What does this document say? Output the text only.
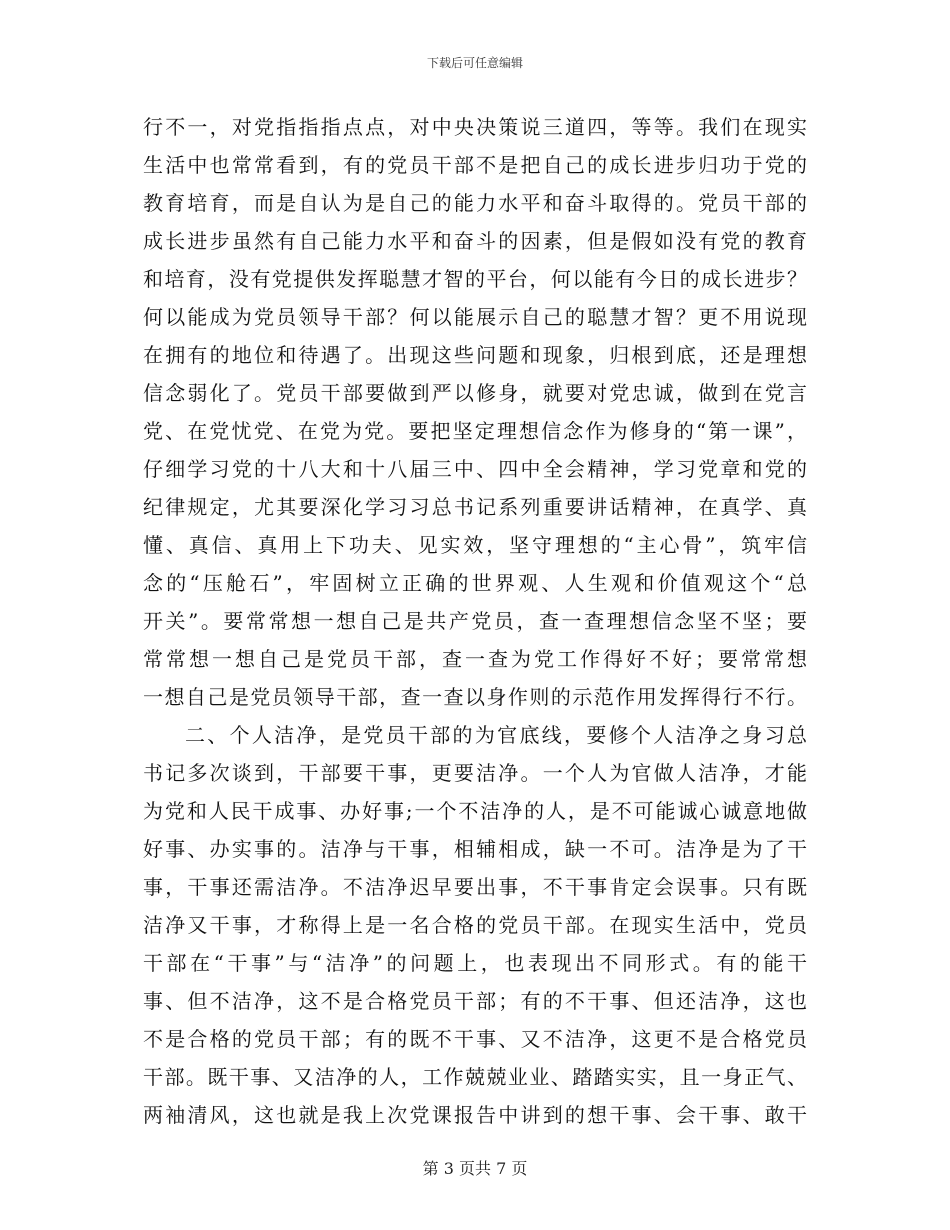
下载后可任意编辑
行不一，对党指指指点点，对中央决策说三道四，等等。我们在现实
生活中也常常看到，有的党员干部不是把自己的成长进步归功于党的
教育培育，而是自认为是自己的能力水平和奋斗取得的。党员干部的
成长进步虽然有自己能力水平和奋斗的因素，但是假如没有党的教育
和培育，没有党提供发挥聪慧才智的平台，何以能有今日的成长进步？
何以能成为党员领导干部？何以能展示自己的聪慧才智？更不用说现
在拥有的地位和待遇了。出现这些问题和现象，归根到底，还是理想
信念弱化了。党员干部要做到严以修身，就要对党忠诚，做到在党言
党、在党忧党、在党为党。要把坚定理想信念作为修身的“第一课”，
仔细学习党的十八大和十八届三中、四中全会精神，学习党章和党的
纪律规定，尤其要深化学习习总书记系列重要讲话精神，在真学、真
懂、真信、真用上下功夫、见实效，坚守理想的“主心骨”，筑牢信
念的“压舱石”，牢固树立正确的世界观、人生观和价值观这个“总
开关”。要常常想一想自己是共产党员，查一查理想信念坚不坚；要
常常想一想自己是党员干部，查一查为党工作得好不好；要常常想
一想自己是党员领导干部，查一查以身作则的示范作用发挥得行不行。
二、个人洁净，是党员干部的为官底线，要修个人洁净之身习总
书记多次谈到，干部要干事，更要洁净。一个人为官做人洁净，才能
为党和人民干成事、办好事;一个不洁净的人，是不可能诚心诚意地做
好事、办实事的。洁净与干事，相辅相成，缺一不可。洁净是为了干
事，干事还需洁净。不洁净迟早要出事，不干事肯定会误事。只有既
洁净又干事，才称得上是一名合格的党员干部。在现实生活中，党员
干部在“干事”与“洁净”的问题上，也表现出不同形式。有的能干
事、但不洁净，这不是合格党员干部；有的不干事、但还洁净，这也
不是合格的党员干部；有的既不干事、又不洁净，这更不是合格党员
干部。既干事、又洁净的人，工作兢兢业业、踏踏实实，且一身正气、
两袖清风，这也就是我上次党课报告中讲到的想干事、会干事、敢干
第 3 页共 7 页
